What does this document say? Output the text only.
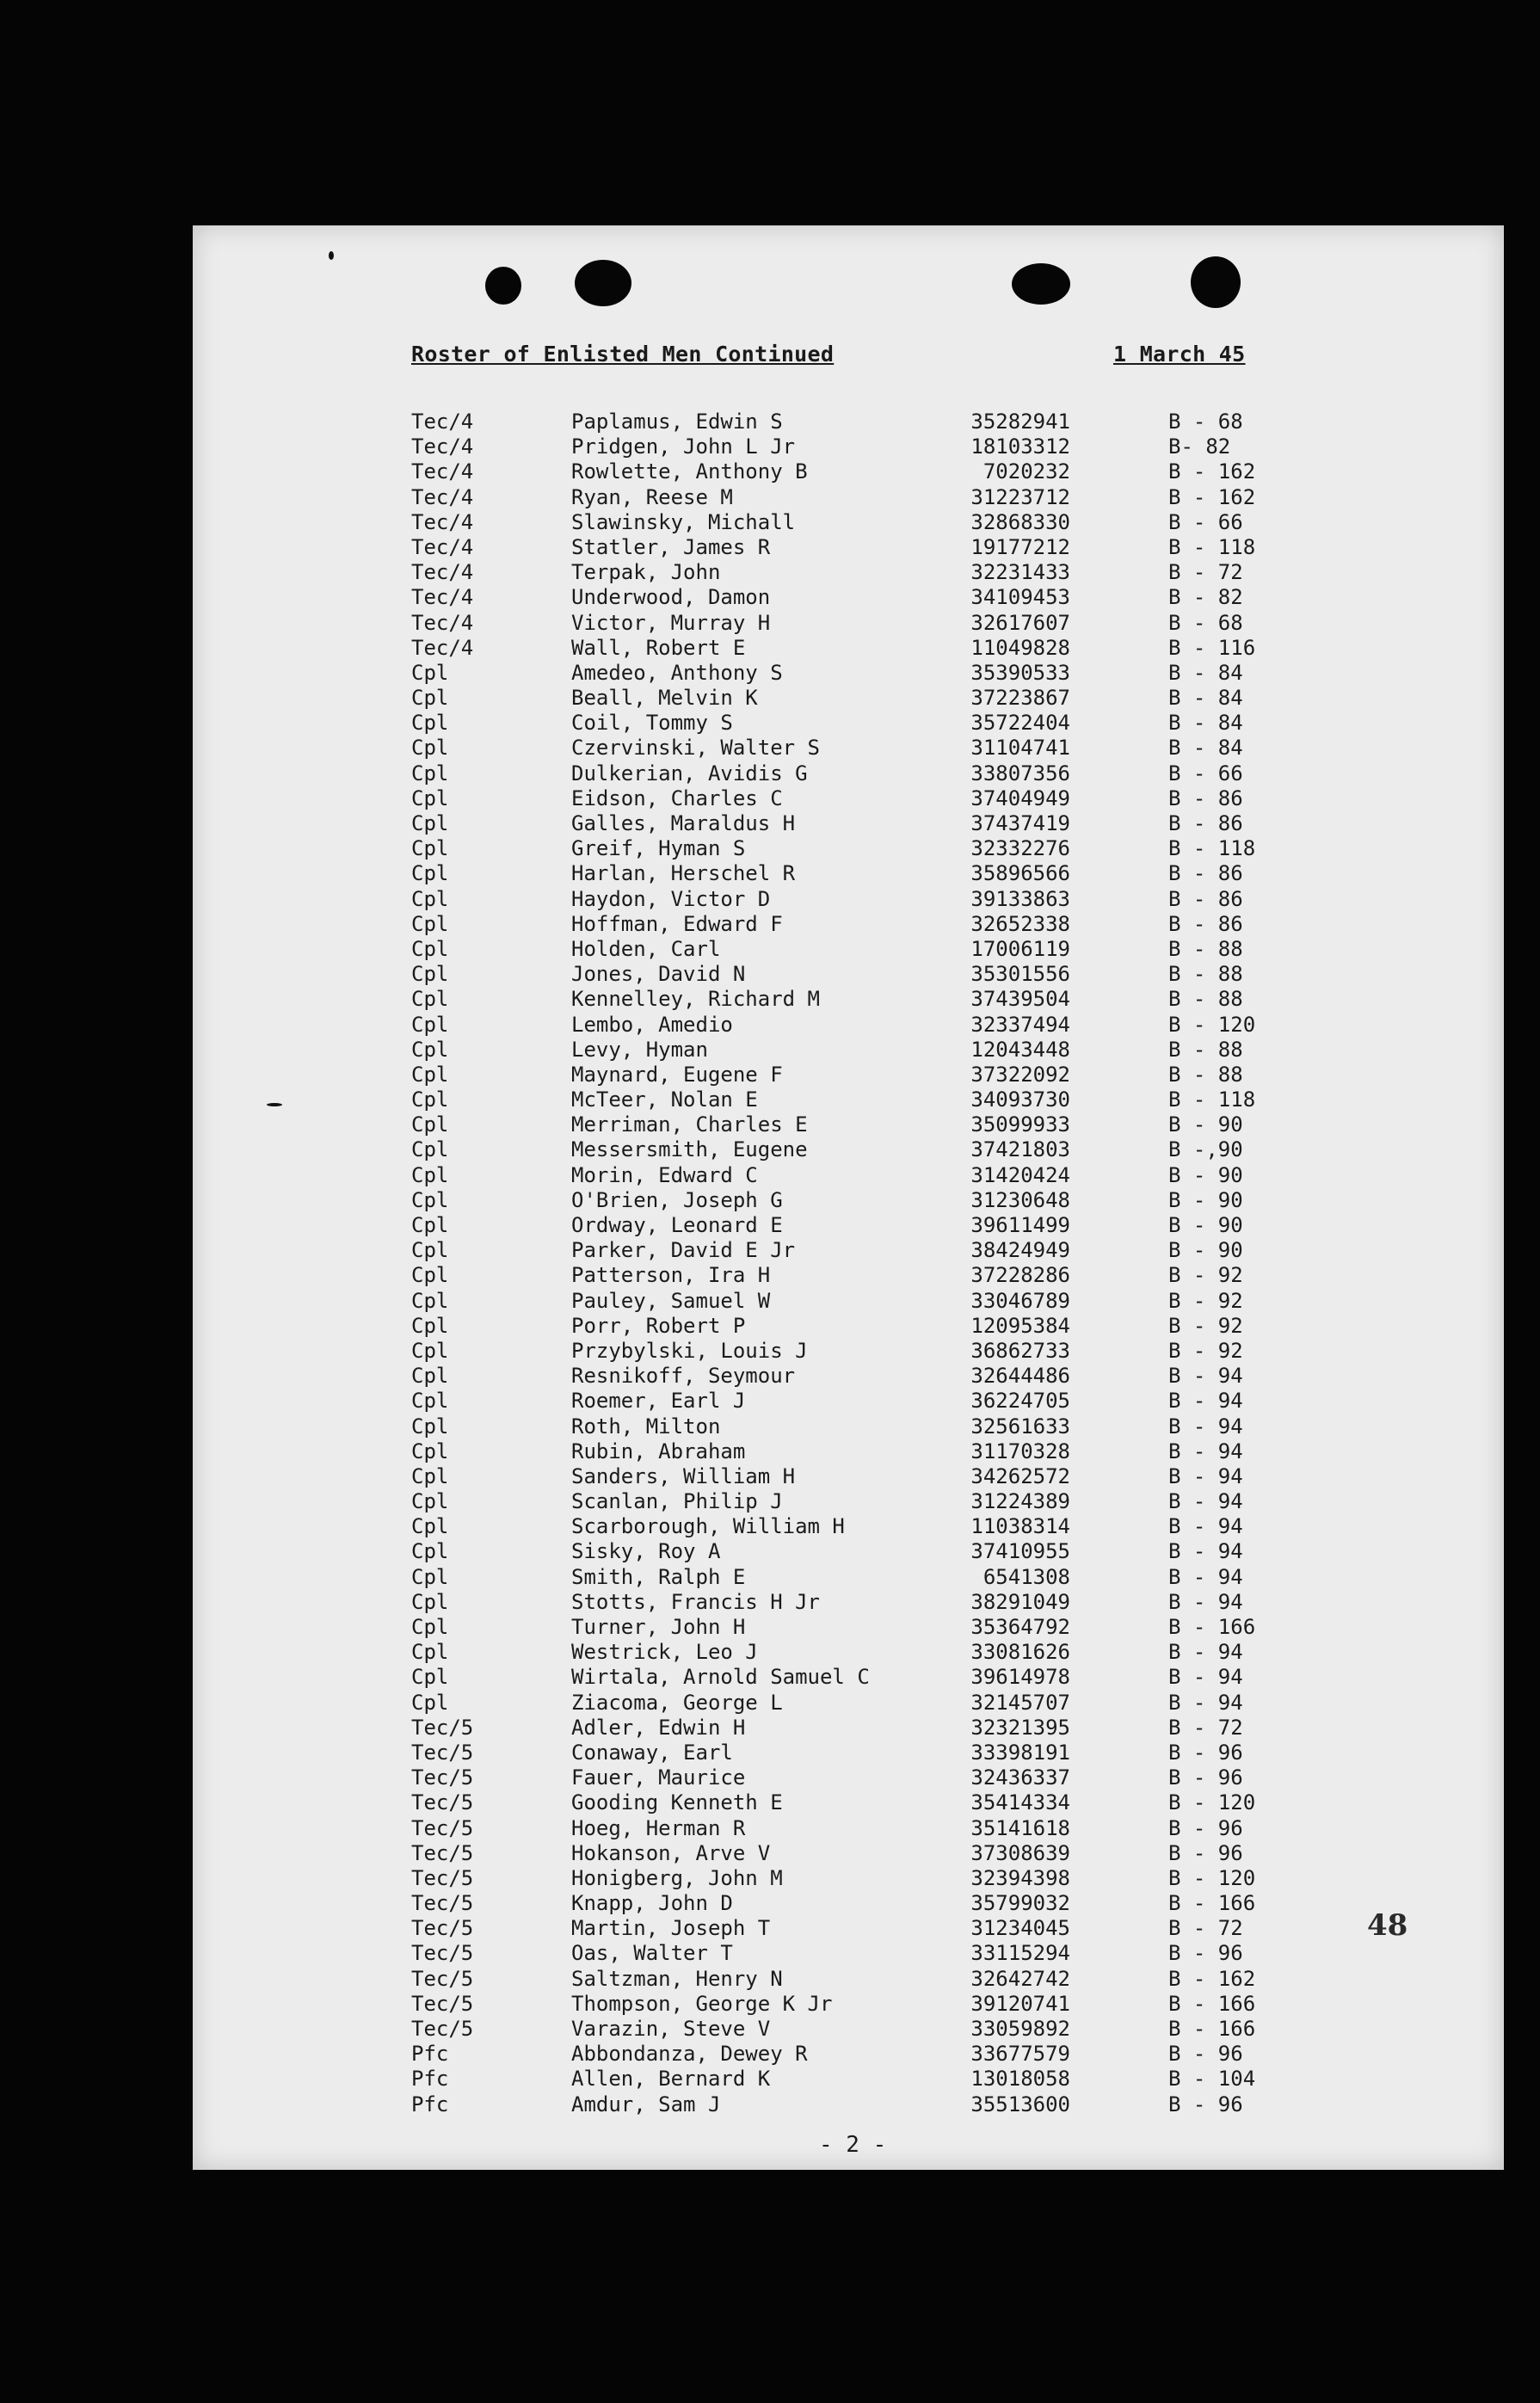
Roster of Enlisted Men Continued	1 March 45
Tec/4	Paplamus, Edwin S	35282941	B - 68
Tec/4	Pridgen, John L Jr	18103312	B- 82
Tec/4	Rowlette, Anthony B	7020232	B - 162
Tec/4	Ryan, Reese M	31223712	B - 162
Tec/4	Slawinsky, Michall	32868330	B - 66
Tec/4	Statler, James R	19177212	B - 118
Tec/4	Terpak, John	32231433	B - 72
Tec/4	Underwood, Damon	34109453	B - 82
Tec/4	Victor, Murray H	32617607	B - 68
Tec/4	Wall, Robert E	11049828	B - 116
Cpl	Amedeo, Anthony S	35390533	B - 84
Cpl	Beall, Melvin K	37223867	B - 84
Cpl	Coil, Tommy S	35722404	B - 84
Cpl	Czervinski, Walter S	31104741	B - 84
Cpl	Dulkerian, Avidis G	33807356	B - 66
Cpl	Eidson, Charles C	37404949	B - 86
Cpl	Galles, Maraldus H	37437419	B - 86
Cpl	Greif, Hyman S	32332276	B - 118
Cpl	Harlan, Herschel R	35896566	B - 86
Cpl	Haydon, Victor D	39133863	B - 86
Cpl	Hoffman, Edward F	32652338	B - 86
Cpl	Holden, Carl	17006119	B - 88
Cpl	Jones, David N	35301556	B - 88
Cpl	Kennelley, Richard M	37439504	B - 88
Cpl	Lembo, Amedio	32337494	B - 120
Cpl	Levy, Hyman	12043448	B - 88
Cpl	Maynard, Eugene F	37322092	B - 88
Cpl	McTeer, Nolan E	34093730	B - 118
Cpl	Merriman, Charles E	35099933	B - 90
Cpl	Messersmith, Eugene	37421803	B -,90
Cpl	Morin, Edward C	31420424	B - 90
Cpl	O'Brien, Joseph G	31230648	B - 90
Cpl	Ordway, Leonard E	39611499	B - 90
Cpl	Parker, David E Jr	38424949	B - 90
Cpl	Patterson, Ira H	37228286	B - 92
Cpl	Pauley, Samuel W	33046789	B - 92
Cpl	Porr, Robert P	12095384	B - 92
Cpl	Przybylski, Louis J	36862733	B - 92
Cpl	Resnikoff, Seymour	32644486	B - 94
Cpl	Roemer, Earl J	36224705	B - 94
Cpl	Roth, Milton	32561633	B - 94
Cpl	Rubin, Abraham	31170328	B - 94
Cpl	Sanders, William H	34262572	B - 94
Cpl	Scanlan, Philip J	31224389	B - 94
Cpl	Scarborough, William H	11038314	B - 94
Cpl	Sisky, Roy A	37410955	B - 94
Cpl	Smith, Ralph E	6541308	B - 94
Cpl	Stotts, Francis H Jr	38291049	B - 94
Cpl	Turner, John H	35364792	B - 166
Cpl	Westrick, Leo J	33081626	B - 94
Cpl	Wirtala, Arnold Samuel C	39614978	B - 94
Cpl	Ziacoma, George L	32145707	B - 94
Tec/5	Adler, Edwin H	32321395	B - 72
Tec/5	Conaway, Earl	33398191	B - 96
Tec/5	Fauer, Maurice	32436337	B - 96
Tec/5	Gooding Kenneth E	35414334	B - 120
Tec/5	Hoeg, Herman R	35141618	B - 96
Tec/5	Hokanson, Arve V	37308639	B - 96
Tec/5	Honigberg, John M	32394398	B - 120
Tec/5	Knapp, John D	35799032	B - 166
Tec/5	Martin, Joseph T	31234045	B - 72
Tec/5	Oas, Walter T	33115294	B - 96
Tec/5	Saltzman, Henry N	32642742	B - 162
Tec/5	Thompson, George K Jr	39120741	B - 166
Tec/5	Varazin, Steve V	33059892	B - 166
Pfc	Abbondanza, Dewey R	33677579	B - 96
Pfc	Allen, Bernard K	13018058	B - 104
Pfc	Amdur, Sam J	35513600	B - 96
- 2 -
48
